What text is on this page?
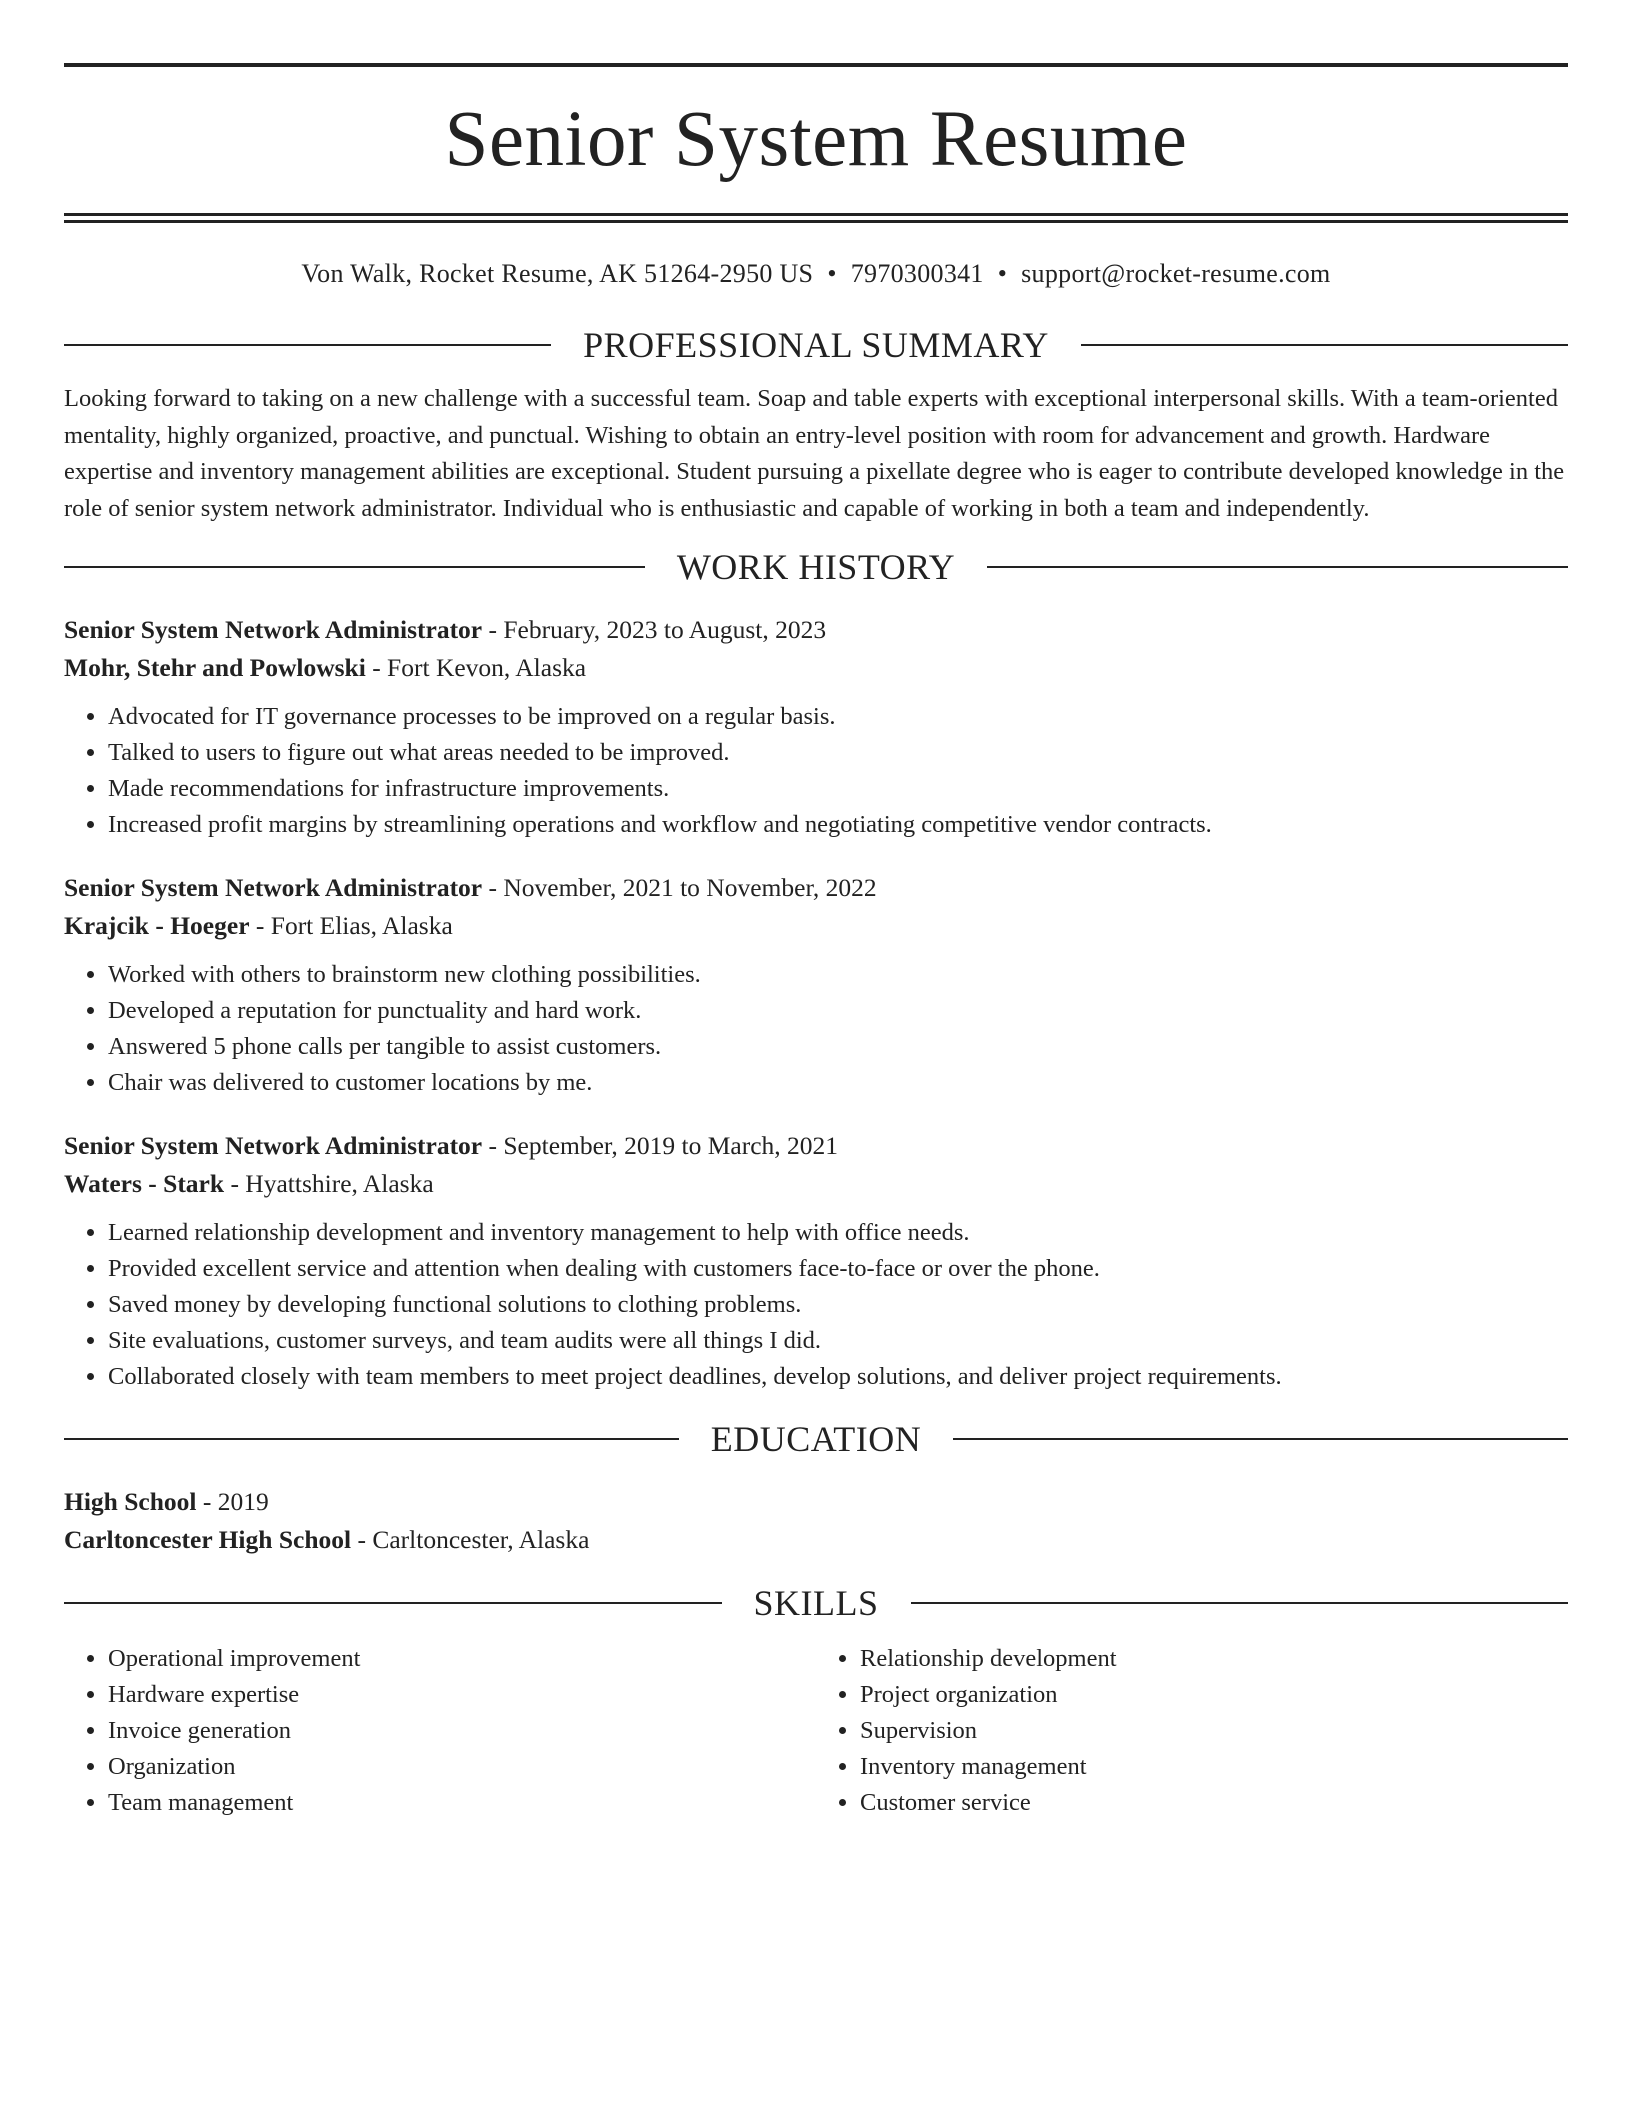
Senior System Resume
Von Walk, Rocket Resume, AK 51264-2950 US • 7970300341 • support@rocket-resume.com
PROFESSIONAL SUMMARY

Looking forward to taking on a new challenge with a successful team. Soap and table experts with exceptional interpersonal skills. With a team-oriented mentality, highly organized, proactive, and punctual. Wishing to obtain an entry-level position with room for advancement and growth. Hardware expertise and inventory management abilities are exceptional. Student pursuing a pixellate degree who is eager to contribute developed knowledge in the role of senior system network administrator. Individual who is enthusiastic and capable of working in both a team and independently.

WORK HISTORY
Senior System Network Administrator - February, 2023 to August, 2023
Mohr, Stehr and Powlowski - Fort Kevon, Alaska
• Advocated for IT governance processes to be improved on a regular basis.
• Talked to users to figure out what areas needed to be improved.
• Made recommendations for infrastructure improvements.
• Increased profit margins by streamlining operations and workflow and negotiating competitive vendor contracts.
Senior System Network Administrator - November, 2021 to November, 2022
Krajcik - Hoeger - Fort Elias, Alaska
• Worked with others to brainstorm new clothing possibilities.
• Developed a reputation for punctuality and hard work.
• Answered 5 phone calls per tangible to assist customers.
• Chair was delivered to customer locations by me.
Senior System Network Administrator - September, 2019 to March, 2021
Waters - Stark - Hyattshire, Alaska
• Learned relationship development and inventory management to help with office needs.
• Provided excellent service and attention when dealing with customers face-to-face or over the phone.
• Saved money by developing functional solutions to clothing problems.
• Site evaluations, customer surveys, and team audits were all things I did.
• Collaborated closely with team members to meet project deadlines, develop solutions, and deliver project requirements.
EDUCATION
High School - 2019
Carltoncester High School - Carltoncester, Alaska
SKILLS
• Operational improvement
• Hardware expertise
• Invoice generation
• Organization
• Team management
• Relationship development
• Project organization
• Supervision
• Inventory management
• Customer service
